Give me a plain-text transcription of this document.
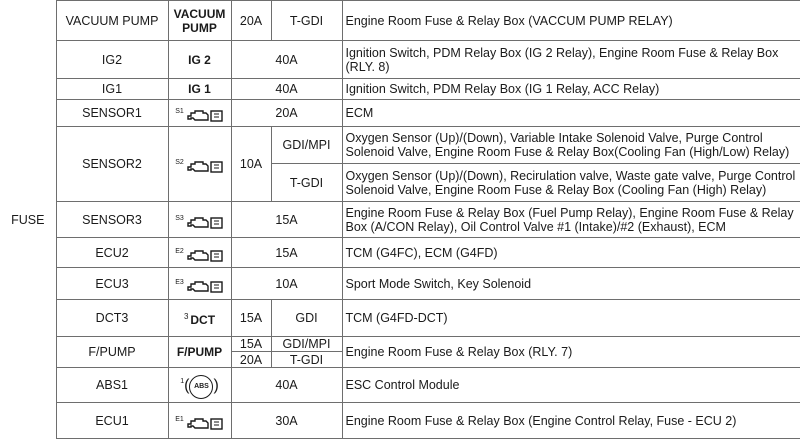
FUSE	VACUUM PUMP	VACUUM PUMP	20A	T-GDI	Engine Room Fuse & Relay Box (VACCUM PUMP RELAY)
	IG2	IG 2	40A		Ignition Switch, PDM Relay Box (IG 2 Relay), Engine Room Fuse & Relay Box (RLY. 8)
	IG1	IG 1	40A		Ignition Switch, PDM Relay Box (IG 1 Relay, ACC Relay)
	SENSOR1	S1	20A		ECM
	SENSOR2	S2	10A	GDI/MPI	Oxygen Sensor (Up)/(Down), Variable Intake Solenoid Valve, Purge Control Solenoid Valve, Engine Room Fuse & Relay Box(Cooling Fan (High/Low) Relay)
				T-GDI	Oxygen Sensor (Up)/(Down), Recirulation valve, Waste gate valve, Purge Control Solenoid Valve, Engine Room Fuse & Relay Box (Cooling Fan (High) Relay)
	SENSOR3	S3	15A		Engine Room Fuse & Relay Box (Fuel Pump Relay), Engine Room Fuse & Relay Box (A/CON Relay), Oil Control Valve #1 (Intake)/#2 (Exhaust), ECM
	ECU2	E2	15A		TCM (G4FC), ECM (G4FD)
	ECU3	E3	10A		Sport Mode Switch, Key Solenoid
	DCT3	$^3$ DCT	15A	GDI	TCM (G4FD-DCT)
	F/PUMP	F/PUMP	15A	GDI/MPI	Engine Room Fuse & Relay Box (RLY. 7)
			20A	T-GDI	
	ABS1	1 ( ABS )	40A		ESC Control Module
	ECU1	E1	30A		Engine Room Fuse & Relay Box (Engine Control Relay, Fuse - ECU 2)
